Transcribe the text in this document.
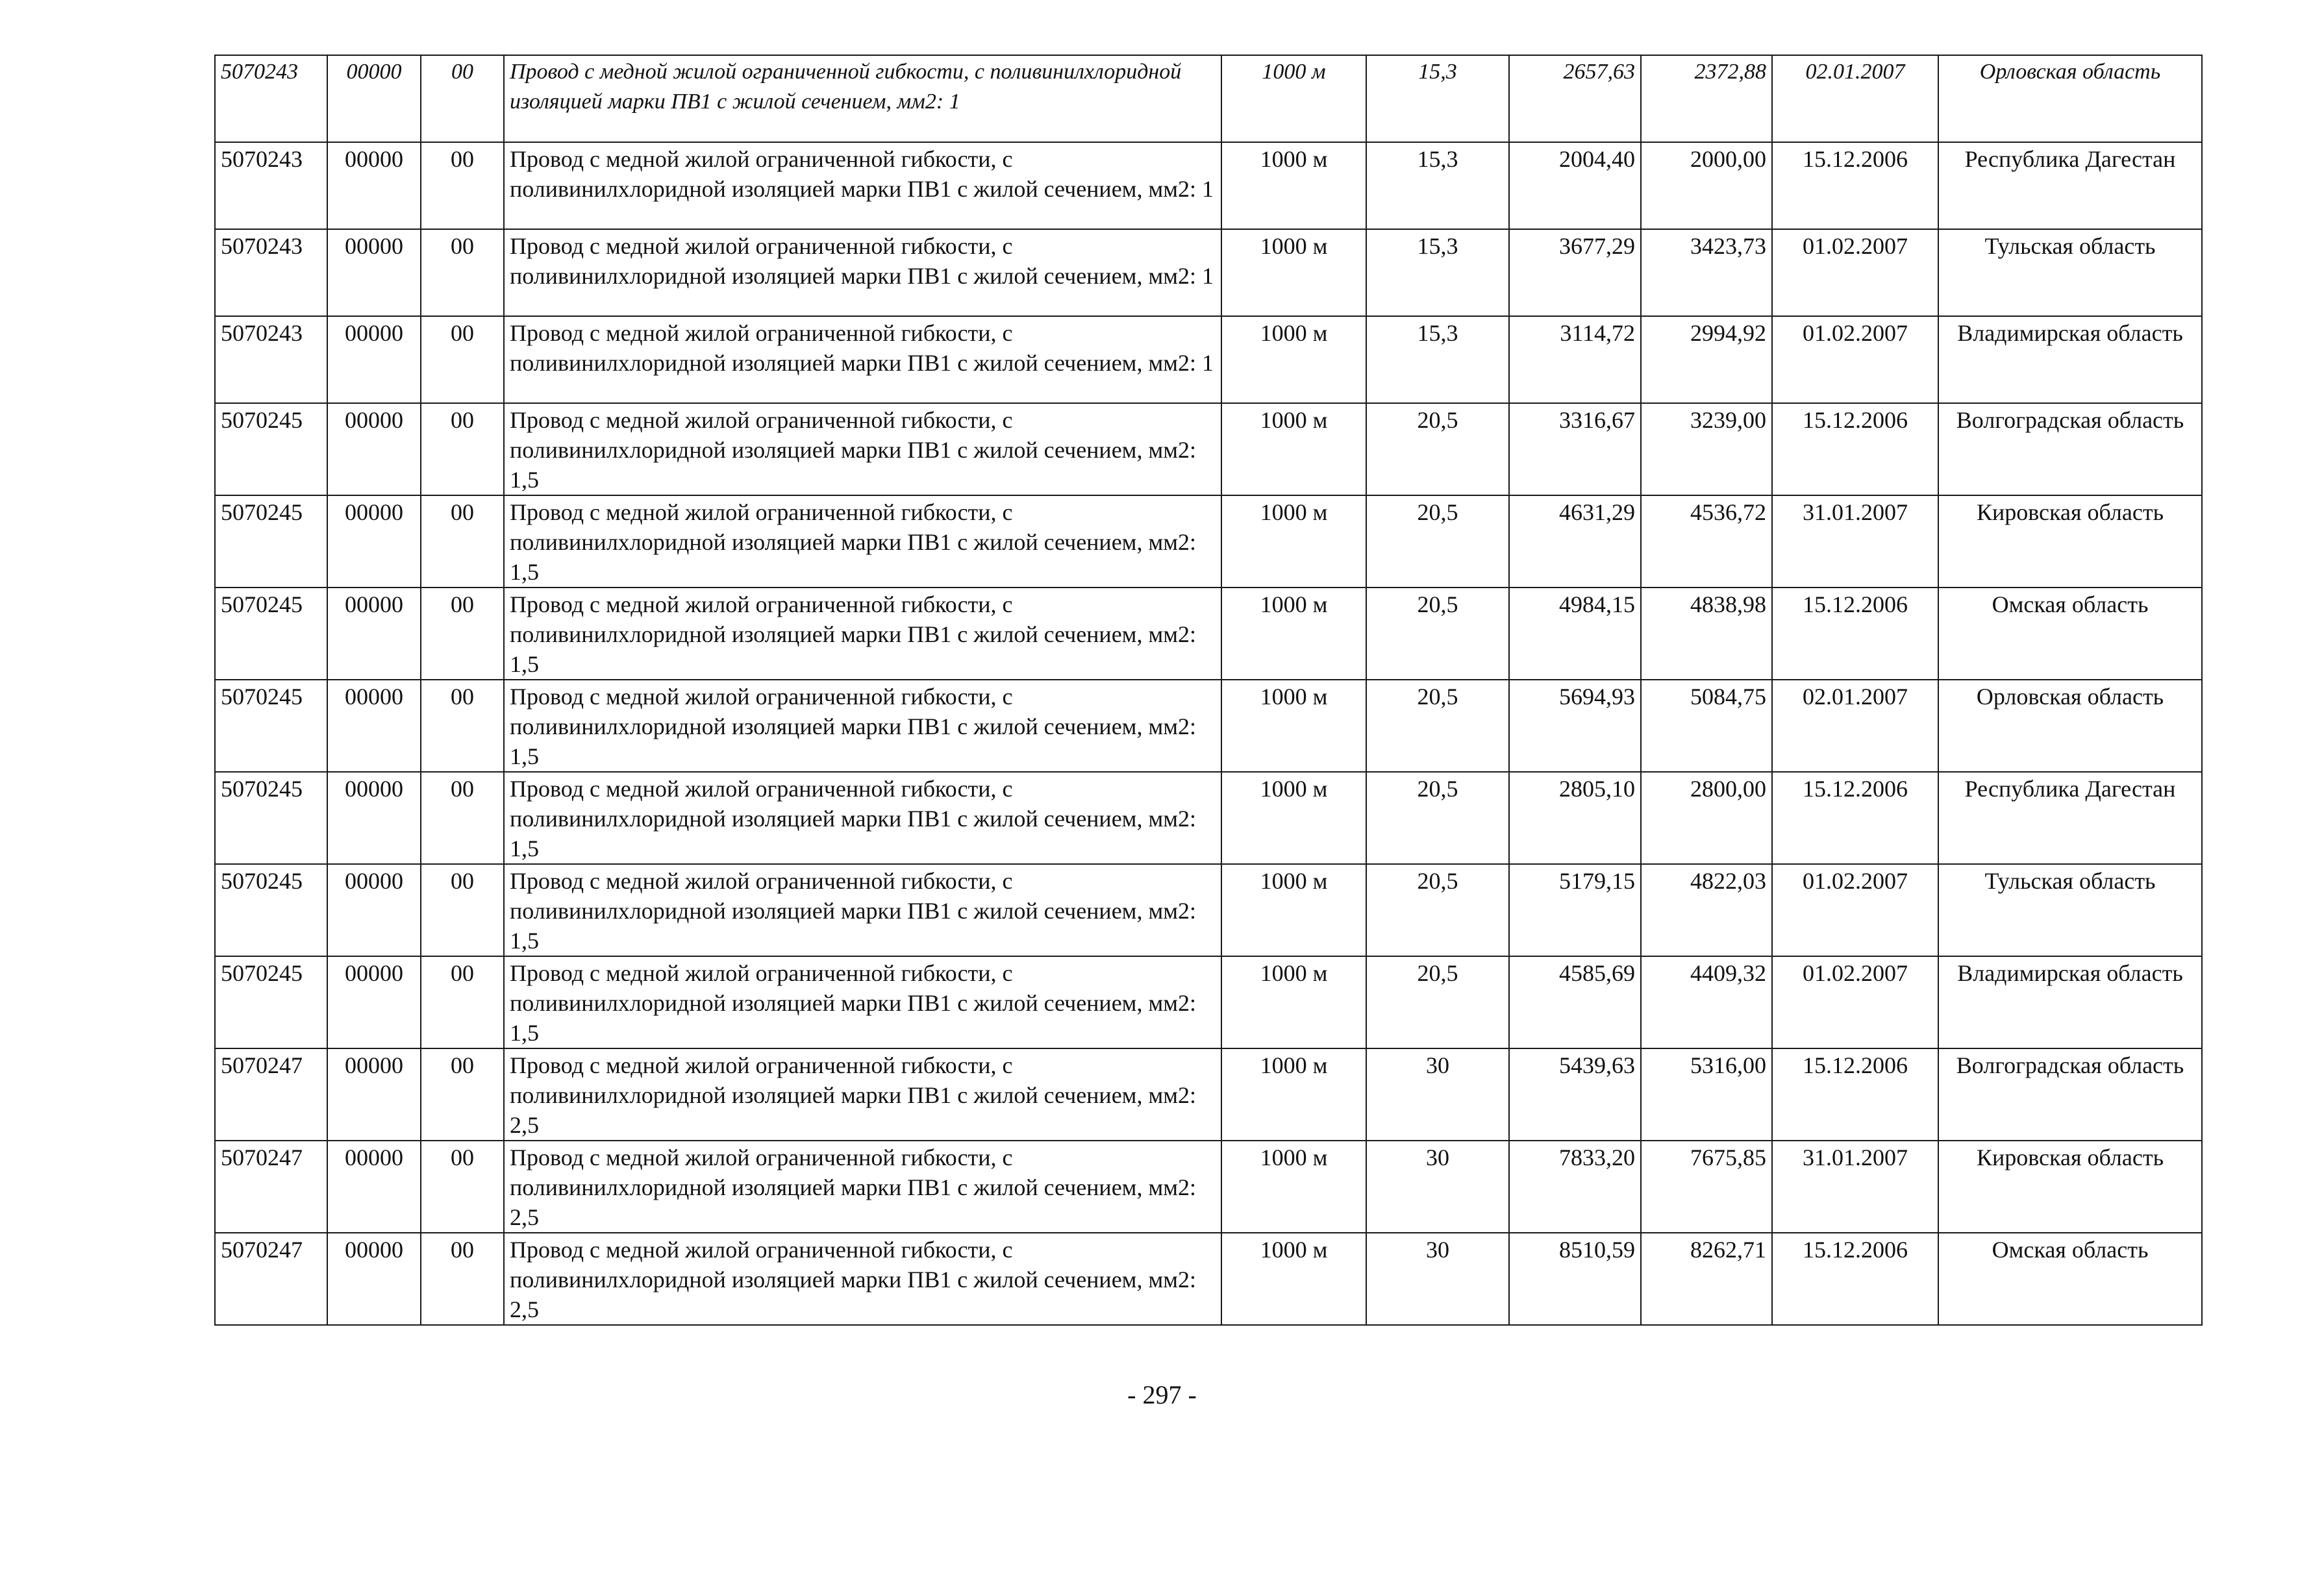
5070243	00000	00	Провод с медной жилой ограниченной гибкости, с поливинилхлоридной изоляцией марки ПВ1 с жилой сечением, мм2: 1	1000 м	15,3	2657,63	2372,88	02.01.2007	Орловская область
5070243	00000	00	Провод с медной жилой ограниченной гибкости, с поливинилхлоридной изоляцией марки ПВ1 с жилой сечением, мм2: 1	1000 м	15,3	2004,40	2000,00	15.12.2006	Республика Дагестан
5070243	00000	00	Провод с медной жилой ограниченной гибкости, с поливинилхлоридной изоляцией марки ПВ1 с жилой сечением, мм2: 1	1000 м	15,3	3677,29	3423,73	01.02.2007	Тульская область
5070243	00000	00	Провод с медной жилой ограниченной гибкости, с поливинилхлоридной изоляцией марки ПВ1 с жилой сечением, мм2: 1	1000 м	15,3	3114,72	2994,92	01.02.2007	Владимирская область
5070245	00000	00	Провод с медной жилой ограниченной гибкости, с поливинилхлоридной изоляцией марки ПВ1 с жилой сечением, мм2: 1,5	1000 м	20,5	3316,67	3239,00	15.12.2006	Волгоградская область
5070245	00000	00	Провод с медной жилой ограниченной гибкости, с поливинилхлоридной изоляцией марки ПВ1 с жилой сечением, мм2: 1,5	1000 м	20,5	4631,29	4536,72	31.01.2007	Кировская область
5070245	00000	00	Провод с медной жилой ограниченной гибкости, с поливинилхлоридной изоляцией марки ПВ1 с жилой сечением, мм2: 1,5	1000 м	20,5	4984,15	4838,98	15.12.2006	Омская область
5070245	00000	00	Провод с медной жилой ограниченной гибкости, с поливинилхлоридной изоляцией марки ПВ1 с жилой сечением, мм2: 1,5	1000 м	20,5	5694,93	5084,75	02.01.2007	Орловская область
5070245	00000	00	Провод с медной жилой ограниченной гибкости, с поливинилхлоридной изоляцией марки ПВ1 с жилой сечением, мм2: 1,5	1000 м	20,5	2805,10	2800,00	15.12.2006	Республика Дагестан
5070245	00000	00	Провод с медной жилой ограниченной гибкости, с поливинилхлоридной изоляцией марки ПВ1 с жилой сечением, мм2: 1,5	1000 м	20,5	5179,15	4822,03	01.02.2007	Тульская область
5070245	00000	00	Провод с медной жилой ограниченной гибкости, с поливинилхлоридной изоляцией марки ПВ1 с жилой сечением, мм2: 1,5	1000 м	20,5	4585,69	4409,32	01.02.2007	Владимирская область
5070247	00000	00	Провод с медной жилой ограниченной гибкости, с поливинилхлоридной изоляцией марки ПВ1 с жилой сечением, мм2: 2,5	1000 м	30	5439,63	5316,00	15.12.2006	Волгоградская область
5070247	00000	00	Провод с медной жилой ограниченной гибкости, с поливинилхлоридной изоляцией марки ПВ1 с жилой сечением, мм2: 2,5	1000 м	30	7833,20	7675,85	31.01.2007	Кировская область
5070247	00000	00	Провод с медной жилой ограниченной гибкости, с поливинилхлоридной изоляцией марки ПВ1 с жилой сечением, мм2: 2,5	1000 м	30	8510,59	8262,71	15.12.2006	Омская область
- 297 -
